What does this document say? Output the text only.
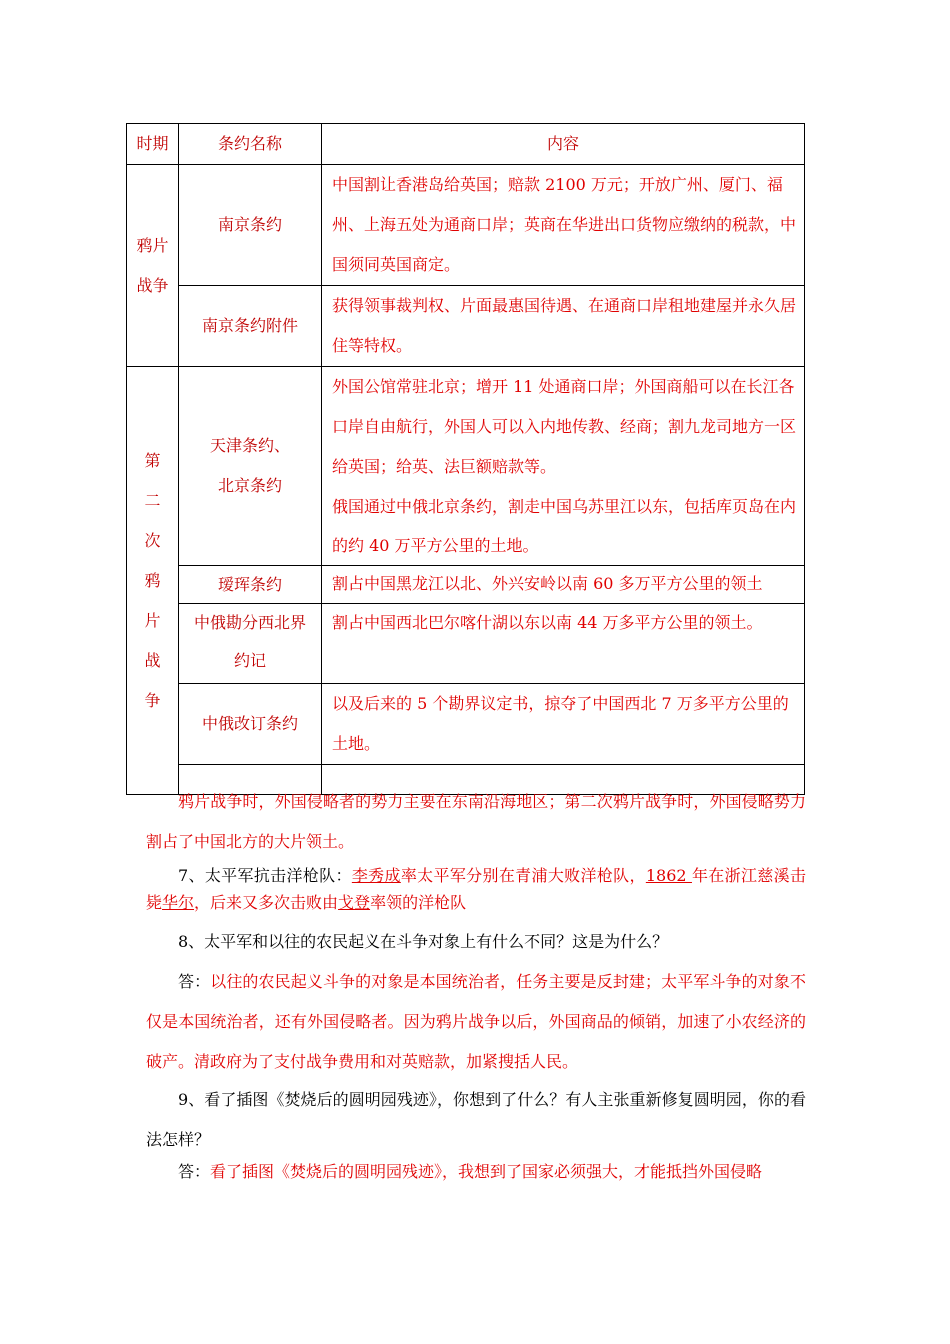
时期	条约名称	内容
鸦片战争	南京条约	中国割让香港岛给英国；赔款 2100 万元；开放广州、厦门、福州、上海五处为通商口岸；英商在华进出口货物应缴纳的税款，中国须同英国商定。
	南京条约附件	获得领事裁判权、片面最惠国待遇、在通商口岸租地建屋并永久居住等特权。
第二次鸦片战争	天津条约、北京条约	外国公馆常驻北京；增开 11 处通商口岸；外国商船可以在长江各口岸自由航行，外国人可以入内地传教、经商；割九龙司地方一区给英国；给英、法巨额赔款等。
俄国通过中俄北京条约，割走中国乌苏里江以东，包括库页岛在内的约 40 万平方公里的土地。

	瑷珲条约	割占中国黑龙江以北、外兴安岭以南 60 多万平方公里的领土
	中俄勘分西北界约记	割占中国西北巴尔喀什湖以东以南 44 万多平方公里的领土。
	中俄改订条约	以及后来的 5 个勘界议定书，掠夺了中国西北 7 万多平方公里的土地。

鸦片战争时，外国侵略者的势力主要在东南沿海地区；第二次鸦片战争时，外国侵略势力割占了中国北方的大片领土。
7、太平军抗击洋枪队：李秀成率太平军分别在青浦大败洋枪队，1862 年在浙江慈溪击毙华尔，后来又多次击败由戈登率领的洋枪队
8、太平军和以往的农民起义在斗争对象上有什么不同？这是为什么？
答：以往的农民起义斗争的对象是本国统治者，任务主要是反封建；太平军斗争的对象不仅是本国统治者，还有外国侵略者。因为鸦片战争以后，外国商品的倾销，加速了小农经济的破产。清政府为了支付战争费用和对英赔款，加紧搜括人民。
9、看了插图《焚烧后的圆明园残迹》，你想到了什么？有人主张重新修复圆明园，你的看法怎样？
答：看了插图《焚烧后的圆明园残迹》，我想到了国家必须强大，才能抵挡外国侵略
